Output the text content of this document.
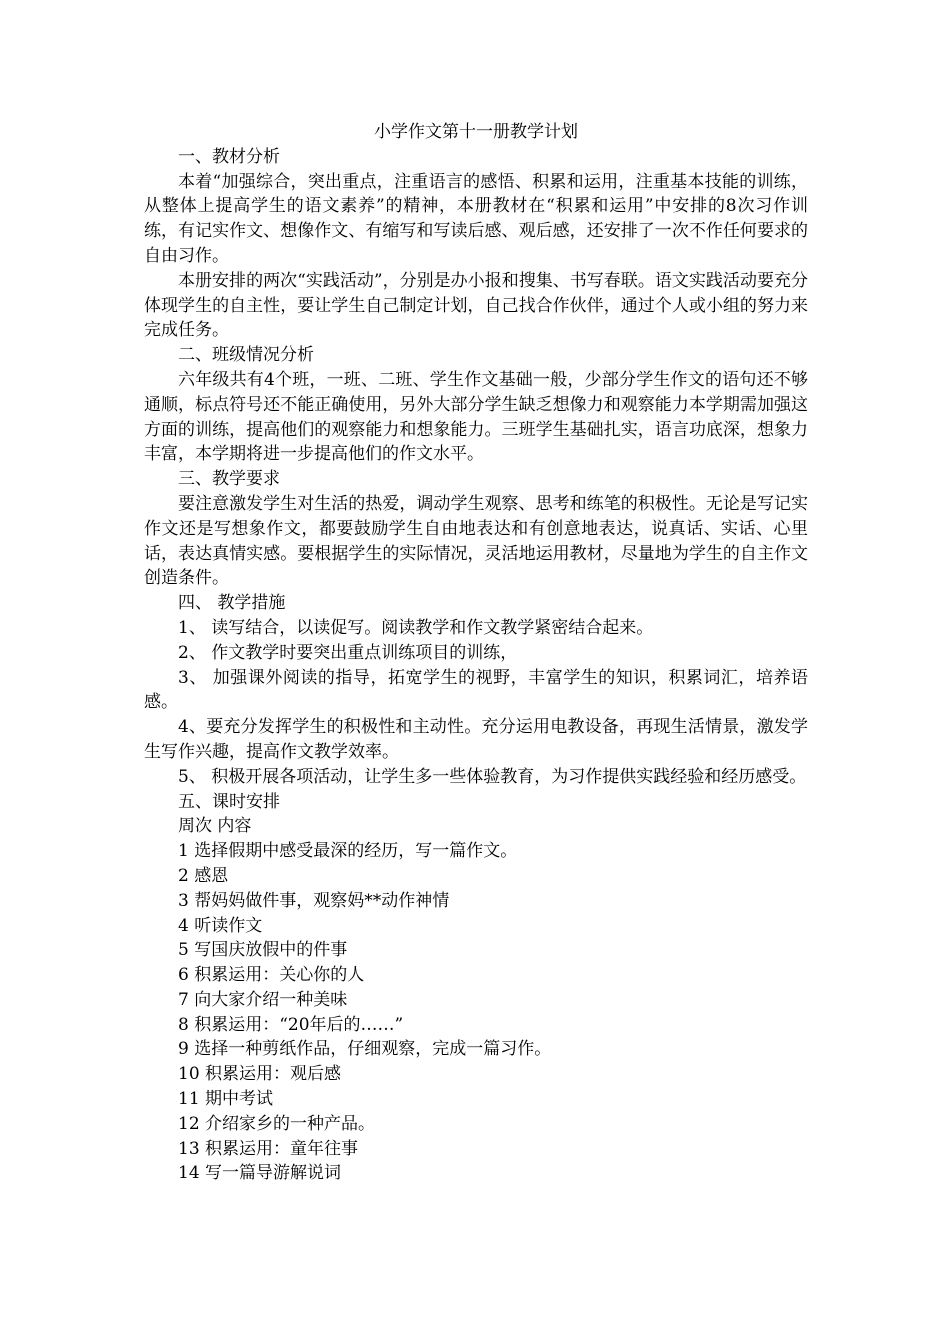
小学作文第十一册教学计划

一、教材分析

本着“加强综合，突出重点，注重语言的感悟、积累和运用，注重基本技能的训练，从整体上提高学生的语文素养”的精神，本册教材在“积累和运用”中安排的8次习作训练，有记实作文、想像作文、有缩写和写读后感、观后感，还安排了一次不作任何要求的自由习作。

本册安排的两次“实践活动”，分别是办小报和搜集、书写春联。语文实践活动要充分体现学生的自主性，要让学生自己制定计划，自己找合作伙伴，通过个人或小组的努力来完成任务。

二、班级情况分析

六年级共有4个班，一班、二班、学生作文基础一般，少部分学生作文的语句还不够通顺，标点符号还不能正确使用，另外大部分学生缺乏想像力和观察能力本学期需加强这方面的训练，提高他们的观察能力和想象能力。三班学生基础扎实，语言功底深，想象力丰富，本学期将进一步提高他们的作文水平。

三、教学要求

要注意激发学生对生活的热爱，调动学生观察、思考和练笔的积极性。无论是写记实作文还是写想象作文，都要鼓励学生自由地表达和有创意地表达，说真话、实话、心里话，表达真情实感。要根据学生的实际情况，灵活地运用教材，尽量地为学生的自主作文创造条件。

四、 教学措施

1、 读写结合，以读促写。阅读教学和作文教学紧密结合起来。

2、 作文教学时要突出重点训练项目的训练，

3、 加强课外阅读的指导，拓宽学生的视野，丰富学生的知识，积累词汇，培养语感。

4、要充分发挥学生的积极性和主动性。充分运用电教设备，再现生活情景，激发学生写作兴趣，提高作文教学效率。

5、 积极开展各项活动，让学生多一些体验教育，为习作提供实践经验和经历感受。

五、课时安排

周次 内容

1 选择假期中感受最深的经历，写一篇作文。

2 感恩

3 帮妈妈做件事，观察妈**动作神情

4 听读作文

5 写国庆放假中的件事

6 积累运用：关心你的人

7 向大家介绍一种美味

8 积累运用：“20年后的……”

9 选择一种剪纸作品，仔细观察，完成一篇习作。

10 积累运用：观后感

11 期中考试

12 介绍家乡的一种产品。

13 积累运用：童年往事

14 写一篇导游解说词
